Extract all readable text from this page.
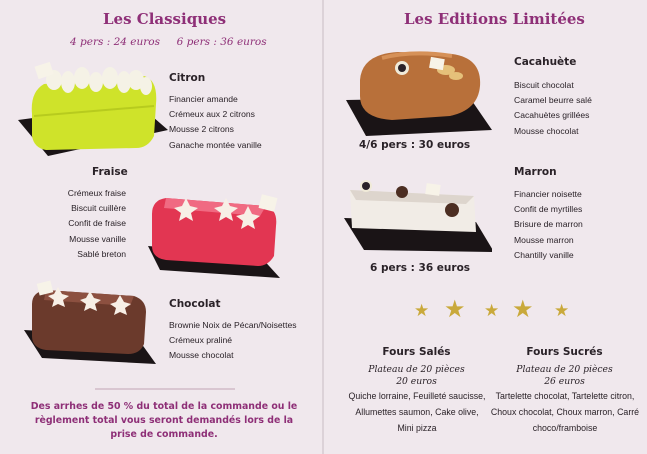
Les Classiques
4 pers : 24 euros     6 pers : 36 euros
Citron
Financier amande
Crémeux aux 2 citrons
Mousse 2 citrons
Ganache montée vanille
Fraise
Crémeux fraise
Biscuit cuillère
Confit de fraise
Mousse vanille
Sablé breton
Chocolat
Brownie Noix de Pécan/Noisettes
Crémeux praliné
Mousse chocolat
Des arrhes de 50 % du total de la commande ou le règlement total vous seront demandés lors de la prise de commande.
Les Editions Limitées
Cacahuète
Biscuit chocolat
Caramel beurre salé
Cacahuètes grillées
Mousse chocolat
4/6 pers : 30 euros
Marron
Financier noisette
Confit de myrtilles
Brisure de marron
Mousse marron
Chantilly vanille
6 pers : 36 euros
★ ★ ★ ★ ★
Fours Salés
Plateau de 20 pièces
20 euros
Quiche lorraine, Feuilleté saucisse,
Allumettes saumon, Cake olive,
Mini pizza
Fours Sucrés
Plateau de 20 pièces
26 euros
Tartelette chocolat, Tartelette citron,
Choux chocolat, Choux marron, Carré
choco/framboise
